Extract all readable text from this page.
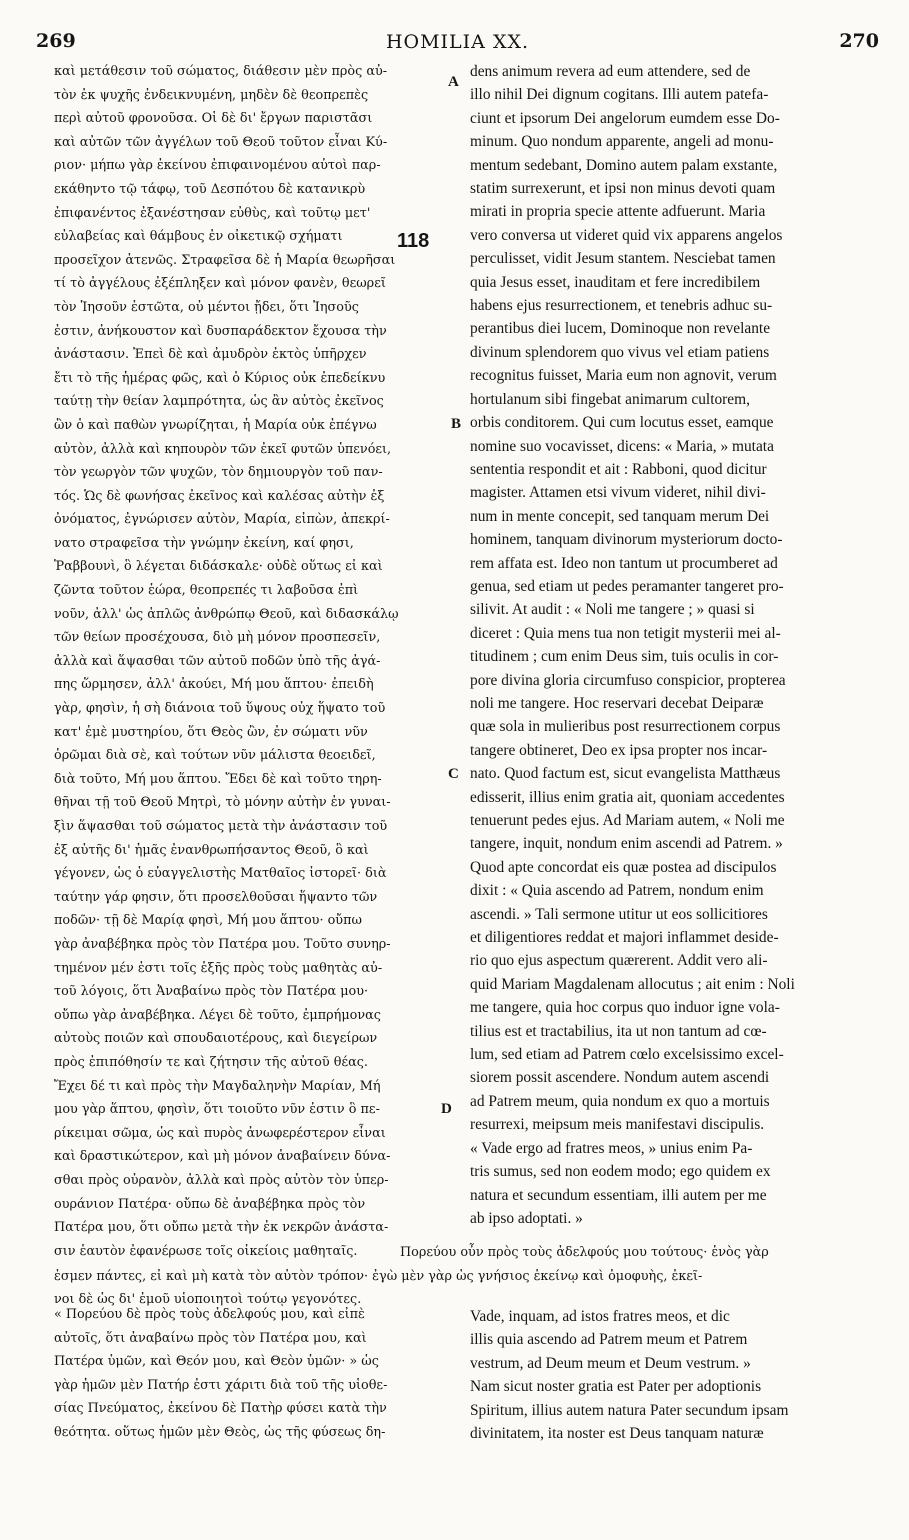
269	HOMILIA XX.	270

καὶ μετάθεσιν τοῦ σώματος, διάθεσιν μὲν πρὸς αὐ-

τὸν ἐκ ψυχῆς ἐνδεικνυμένη, μηδὲν δὲ θεοπρεπὲς

περὶ αὐτοῦ φρονοῦσα. Οἱ δὲ δι' ἔργων παριστᾶσι

καὶ αὐτῶν τῶν ἀγγέλων τοῦ Θεοῦ τοῦτον εἶναι Κύ-

ριον· μήπω γὰρ ἐκείνου ἐπιφαινομένου αὐτοὶ παρ-

εκάθηντο τῷ τάφῳ, τοῦ Δεσπότου δὲ κατανικρὺ

ἐπιφανέντος ἐξανέστησαν εὐθὺς, καὶ τοῦτῳ μετ'

εὐλαβείας καὶ θάμβους ἐν οἰκετικῷ σχήματι

προσεῖχον ἀτενῶς. Στραφεῖσα δὲ ἡ Μαρία θεωρῆσαι

τί τὸ ἀγγέλους ἐξέπληξεν καὶ μόνον φανὲν, θεωρεῖ

τὸν Ἰησοῦν ἑστῶτα, οὐ μέντοι ᾔδει, ὅτι Ἰησοῦς

ἐστιν, ἀνήκουστον καὶ δυσπαράδεκτον ἔχουσα τὴν

ἀνάστασιν. Ἐπεὶ δὲ καὶ ἀμυδρὸν ἐκτὸς ὑπῆρχεν

ἔτι τὸ τῆς ἡμέρας φῶς, καὶ ὁ Κύριος οὐκ ἐπεδείκνυ

ταύτῃ τὴν θείαν λαμπρότητα, ὡς ἂν αὐτὸς ἐκεῖνος

ὢν ὁ καὶ παθὼν γνωρίζηται, ἡ Μαρία οὐκ ἐπέγνω

αὐτὸν, ἀλλὰ καὶ κηπουρὸν τῶν ἐκεῖ φυτῶν ὑπενόει,

τὸν γεωργὸν τῶν ψυχῶν, τὸν δημιουργὸν τοῦ παν-

τός. Ὡς δὲ φωνήσας ἐκεῖνος καὶ καλέσας αὐτὴν ἐξ

ὀνόματος, ἐγνώρισεν αὐτὸν, Μαρία, εἰπὼν, ἀπεκρί-

νατο στραφεῖσα τὴν γνώμην ἐκείνη, καί φησι,

Ῥαββουνὶ, ὃ λέγεται διδάσκαλε· οὐδὲ οὕτως εἰ καὶ

ζῶντα τοῦτον ἑώρα, θεοπρεπές τι λαβοῦσα ἐπὶ

νοῦν, ἀλλ' ὡς ἁπλῶς ἀνθρώπῳ Θεοῦ, καὶ διδασκάλῳ

τῶν θείων προσέχουσα, διὸ μὴ μόνον προσπεσεῖν,

ἀλλὰ καὶ ἅψασθαι τῶν αὐτοῦ ποδῶν ὑπὸ τῆς ἀγά-

πης ὥρμησεν, ἀλλ' ἀκούει, Μή μου ἅπτου· ἐπειδὴ

γὰρ, φησὶν, ἡ σὴ διάνοια τοῦ ὕψους οὐχ ἥψατο τοῦ

κατ' ἐμὲ μυστηρίου, ὅτι Θεὸς ὢν, ἐν σώματι νῦν

ὁρῶμαι διὰ σὲ, καὶ τούτων νῦν μάλιστα θεοειδεῖ,

διὰ τοῦτο, Μή μου ἅπτου. Ἔδει δὲ καὶ τοῦτο τηρη-

θῆναι τῇ τοῦ Θεοῦ Μητρὶ, τὸ μόνην αὐτὴν ἐν γυναι-

ξὶν ἅψασθαι τοῦ σώματος μετὰ τὴν ἀνάστασιν τοῦ

ἐξ αὐτῆς δι' ἡμᾶς ἐνανθρωπήσαντος Θεοῦ, ὃ καὶ

γέγονεν, ὡς ὁ εὐαγγελιστὴς Ματθαῖος ἱστορεῖ· διὰ

ταύτην γάρ φησιν, ὅτι προσελθοῦσαι ἥψαντο τῶν

ποδῶν· τῇ δὲ Μαρίᾳ φησὶ, Μή μου ἅπτου· οὔπω

γὰρ ἀναβέβηκα πρὸς τὸν Πατέρα μου. Τοῦτο συνηρ-

τημένον μέν ἐστι τοῖς ἑξῆς πρὸς τοὺς μαθητὰς αὐ-

τοῦ λόγοις, ὅτι Ἀναβαίνω πρὸς τὸν Πατέρα μου·

οὔπω γὰρ ἀναβέβηκα. Λέγει δὲ τοῦτο, ἐμπρήμονας

αὐτοὺς ποιῶν καὶ σπουδαιοτέρους, καὶ διεγείρων

πρὸς ἐπιπόθησίν τε καὶ ζήτησιν τῆς αὐτοῦ θέας.

Ἔχει δέ τι καὶ πρὸς τὴν Μαγδαληνὴν Μαρίαν, Μή

μου γὰρ ἅπτου, φησὶν, ὅτι τοιοῦτο νῦν ἐστιν ὃ πε-

ρίκειμαι σῶμα, ὡς καὶ πυρὸς ἀνωφερέστερον εἶναι

καὶ δραστικώτερον, καὶ μὴ μόνον ἀναβαίνειν δύνα-

σθαι πρὸς οὐρανὸν, ἀλλὰ καὶ πρὸς αὐτὸν τὸν ὑπερ-

ουράνιον Πατέρα· οὔπω δὲ ἀναβέβηκα πρὸς τὸν

Πατέρα μου, ὅτι οὔπω μετὰ τὴν ἐκ νεκρῶν ἀνάστα-

σιν ἑαυτὸν ἐφανέρωσε τοῖς οἰκείοις μαθηταῖς.

dens animum revera ad eum attendere, sed de

illo nihil Dei dignum cogitans. Illi autem patefa-

ciunt et ipsorum Dei angelorum eumdem esse Do-

minum. Quo nondum apparente, angeli ad monu-

mentum sedebant, Domino autem palam exstante,

statim surrexerunt, et ipsi non minus devoti quam

mirati in propria specie attente adfuerunt. Maria

vero conversa ut videret quid vix apparens angelos

perculisset, vidit Jesum stantem. Nesciebat tamen

quia Jesus esset, inauditam et fere incredibilem

habens ejus resurrectionem, et tenebris adhuc su-

perantibus diei lucem, Dominoque non revelante

divinum splendorem quo vivus vel etiam patiens

recognitus fuisset, Maria eum non agnovit, verum

hortulanum sibi fingebat animarum cultorem,

orbis conditorem. Qui cum locutus esset, eamque

nomine suo vocavisset, dicens: « Maria, » mutata

sententia respondit et ait : Rabboni, quod dicitur

magister. Attamen etsi vivum videret, nihil divi-

num in mente concepit, sed tanquam merum Dei

hominem, tanquam divinorum mysteriorum docto-

rem affata est. Ideo non tantum ut procumberet ad

genua, sed etiam ut pedes peramanter tangeret pro-

silivit. At audit : « Noli me tangere ; » quasi si

diceret : Quia mens tua non tetigit mysterii mei al-

titudinem ; cum enim Deus sim, tuis oculis in cor-

pore divina gloria circumfuso conspicior, propterea

noli me tangere. Hoc reservari decebat Deiparæ

quæ sola in mulieribus post resurrectionem corpus

tangere obtineret, Deo ex ipsa propter nos incar-

nato. Quod factum est, sicut evangelista Matthæus

edisserit, illius enim gratia ait, quoniam accedentes

tenuerunt pedes ejus. Ad Mariam autem, « Noli me

tangere, inquit, nondum enim ascendi ad Patrem. »

Quod apte concordat eis quæ postea ad discipulos

dixit : « Quia ascendo ad Patrem, nondum enim

ascendi. » Tali sermone utitur ut eos sollicitiores

et diligentiores reddat et majori inflammet deside-

rio quo ejus aspectum quærerent. Addit vero ali-

quid Mariam Magdalenam allocutus ; ait enim : Noli

me tangere, quia hoc corpus quo induor igne vola-

tilius est et tractabilius, ita ut non tantum ad cœ-

lum, sed etiam ad Patrem cœlo excelsissimo excel-

siorem possit ascendere. Nondum autem ascendi

ad Patrem meum, quia nondum ex quo a mortuis

resurrexi, meipsum meis manifestavi discipulis.

« Vade ergo ad fratres meos, » unius enim Pa-

tris sumus, sed non eodem modo; ego quidem ex

natura et secundum essentiam, illi autem per me

ab ipso adoptati. »

118
A
B
C
D

Πορεύου οὖν πρὸς τοὺς ἀδελφούς μου τούτους· ἑνὸς γὰρ

ἐσμεν πάντες, εἰ καὶ μὴ κατὰ τὸν αὐτὸν τρόπον· ἐγὼ μὲν γὰρ ὡς γνήσιος ἐκείνῳ καὶ ὁμοφυὴς, ἐκεῖ-

νοι δὲ ὡς δι' ἐμοῦ υἱοποιητοὶ τούτῳ γεγονότες.

« Πορεύου δὲ πρὸς τοὺς ἀδελφούς μου, καὶ εἰπὲ

αὐτοῖς, ὅτι ἀναβαίνω πρὸς τὸν Πατέρα μου, καὶ

Πατέρα ὑμῶν, καὶ Θεόν μου, καὶ Θεὸν ὑμῶν· » ὡς

γὰρ ἡμῶν μὲν Πατήρ ἐστι χάριτι διὰ τοῦ τῆς υἱοθε-

σίας Πνεύματος, ἐκείνου δὲ Πατὴρ φύσει κατὰ τὴν

θεότητα. οὕτως ἡμῶν μὲν Θεὸς, ὡς τῆς φύσεως δη-

Vade, inquam, ad istos fratres meos, et dic

illis quia ascendo ad Patrem meum et Patrem

vestrum, ad Deum meum et Deum vestrum. »

Nam sicut noster gratia est Pater per adoptionis

Spiritum, illius autem natura Pater secundum ipsam

divinitatem, ita noster est Deus tanquam naturæ
